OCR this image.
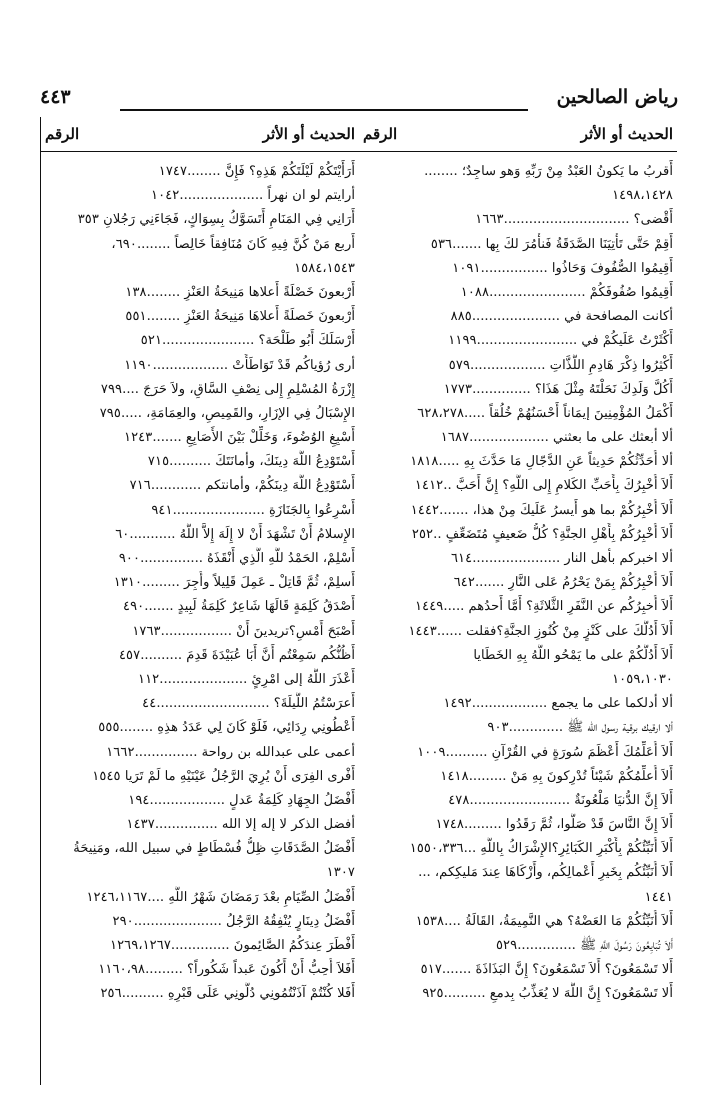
رياض الصالحين
٤٤٣
الحديث أو الأثر
الرقم
أَرَأَيْتَكُمْ لَيْلَتَكُمْ هَذِهِ؟ فَإِنَّ ........١٧٤٧
أرايتم لو ان نهراً ....................١٠٤٢
أَرَانِي فِي المَنَامِ أَتَسَوَّكُ بِسِوَاكٍ، فَجَاءَنِي رَجُلانِ ٣٥٣
أَربع مَنْ كُنَّ فِيهِ كَانَ مُنَافِقاً خَالِصاً ........٦٩٠،
١٥٨٤،١٥٤٣
أَرْبعونَ خَصْلَةً أَعلاها مَنِيحَةُ العَنْزِ ........١٣٨
أَرْبعونَ خَصلَةً أَعلاهَا مَنِيحَةُ العَنْزِ ........٥٥١
أَرْسَلَكَ أَبُو طَلْحَة؟ ......................٥٢١
أرى رُؤياكُم قَدْ تَوَاطَأَتْ ..................١١٩٠
إِزْرَةُ المُسْلِمِ إِلى نِصْفِ السَّاقِ، ولاَ حَرَجَ ....٧٩٩
الإِسْبَالُ فِي الإزَارِ، والقَمِيصِ، والعِمَامَةِ، .....٧٩٥
أَسْبِغِ الوُضُوءَ، وَخَلِّلْ بَيْنَ الأَصَابِعِ .......١٢٤٣
أَسْتَوْدِعُ اللَّهَ دِينَكَ، وأمانَتَكَ ..........٧١٥
أَسْتَوْدِعُ اللَّهَ دِينَكُمْ، وأمانتكم ............٧١٦
أَسْرِعُوا بِالجَنَازَةِ ......................٩٤١
الإِسلامُ أَنْ تَشْهَدَ أَنْ لا إِلَهَ إِلاَّ اللَّهُ ...........٦٠
أَسْلِمْ، الحَمْدُ للَّهِ الَّذِي أَنْقَذَهُ ...............٩٠٠
أَسلِمْ، ثُمَّ قَاتِلْ ـ عَمِلَ قَلِيلاً وأُجِرَ .........١٣١٠
أَصْدَقُ كَلِمَةٍ قَالَهَا شَاعِرٌ كَلِمَةُ لَبِيدٍ .......٤٩٠
أَصْبَحَ أَمْسِ؟تريدينَ أَنْ .................١٧٦٣
أَظُنُّكُم سَمِعْتُم أَنَّ أَبَا عُبَيْدَةَ قَدِمَ ..........٤٥٧
أَعْذَرَ اللَّهُ إلى امْرِئٍ .....................١١٢
أَعرَسْتُمُ اللَّيلَةَ؟ ...........................٤٤
أَعْطُونِي رِدَائِي، فَلَوْ كَانَ لِي عَدَدُ هذِهِ ........٥٥٥
أعمى على عبدالله بن رواحة ...............١٦٦٢
أَفْرى الفِرَى أَنْ يُرِيَ الرَّجُلُ عَيْنَيْهِ ما لَمْ تَرَيا ١٥٤٥
أَفْضَلُ الجِهَادِ كَلِمَةُ عَدلٍ ..................١٩٤
أفضل الذكر لا إله إلا الله ...............١٤٣٧
أَفْضَلُ الصَّدَقَاتِ ظِلُّ فُسْطَاطٍ في سبيل الله، ومَنِيحَةُ
١٣٠٧
أَفْضَلُ الصِّيَامِ بعْدَ رَمَضَانَ شَهْرُ اللَّهِ ....١٢٤٦،١١٦٧
أَفْضَلُ دِينَارٍ يُنْفِقُهُ الرَّجُلُ .....................٢٩٠
أَفْطَرَ عِندَكُمُ الصَّائِمونَ ..............١٢٦٩،١٢٦٧
أَفَلاَ أُحِبُّ أَنْ أَكُونَ عَبداً شَكُوراً؟ .........١١٦٠،٩٨
أَفَلا كُنْتُمْ آذَنْتُمُونِي دُلُّونِي عَلَى قَبْرِهِ ..........٢٥٦
الحديث أو الأثر
الرقم
أَقربُ ما يَكونُ العَبْدُ مِنْ رَبِّهِ وَهو ساجِدٌ؛ ........
١٤٩٨،١٤٢٨
أَقْضى؟ ..............................١٦٦٣
أَقِمْ حَتَّى تَأْتِيَنَا الصَّدَقَةُ فَنأْمُرَ لكَ بِها .......٥٣٦
أَقِيمُوا الصُّفُوفَ وَحَاذُوا ................١٠٩١
أَقِيمُوا صُفُوفَكُمْ .......................١٠٨٨
أكانت المصافحة في .....................٨٨٥
أَكْثَرْتُ عَلَيكُمْ في ........................١١٩٩
أَكْثِرُوا ذِكْرَ هَادِمِ اللَّذَّاتِ ..................٥٧٩
أَكُلَّ وَلَدِكَ نَحَلْتَهُ مِثْلَ هَذَا؟ ..............١٧٧٣
أَكْمَلُ المُؤْمِنِينَ إيمَاناً أَحْسَنُهُمْ خُلُقاً .....٦٢٨،٢٧٨
ألا أبعثك على ما بعثني ...................١٦٨٧
ألا أُحَدِّثُكُمْ حَدِيثاً عَنِ الدَّجّالِ مَا حَدَّثَ بِهِ .....١٨١٨
أَلاَ أُخْبِرُكَ بِأَحَبِّ الكَلامِ إِلى اللَّهِ؟ إِنَّ أَحَبَّ ..١٤١٢
أَلاَ أُخْبِرُكُمْ بما هو أَيسرُ عَلَيكَ مِنْ هذا، .......١٤٤٢
أَلاَ أُخْبِرُكُمْ بِأَهْلِ الجنَّةِ؟ كُلُّ ضَعيفٍ مُتَضَعِّفٍ ..٢٥٢
ألا اخبركم بأهل النار .....................٦١٤
أَلاَ أُخْبِرُكُمْ بِمَنْ يَحْرُمُ عَلى النَّارِ .......٦٤٢
أَلاَ أُخبِرُكُم عن النَّفَرِ الثَّلاثَةِ؟ أَمَّا أَحدُهم .....١٤٤٩
أَلاَ أَدُلُّكَ على كَنْزٍ مِنْ كُنُوزِ الجنَّةِ؟فقلت ......١٤٤٣
أَلاَ أَدُلُّكُمْ على ما يَمْحُو اللَّهُ بِهِ الخَطَايا
١٠٥٩،١٠٣٠
ألا أدلكما على ما يجمع ..................١٤٩٢
ألا ارقيك برقية رسول الله ﷺ .............٩٠٣
أَلاَ أُعَلِّمُكَ أَعْظَمَ سُورَةٍ في القُرْآنِ ..........١٠٠٩
أَلاَ أُعلِّمُكُمْ شَيْئاً تُدْرِكونَ بِهِ مَنْ .........١٤١٨
أَلاَ إِنَّ الدُّنيَا مَلْعُونَةٌ ........................٤٧٨
أَلاَ إِنَّ النَّاسَ قَدْ صَلَّوا، ثُمَّ رَقَدُوا .........١٧٤٨
أَلاَ أُنَبِّئُكُمْ بِأَكْبَرِ الكَبَائِرِ؟الإِشْرَاكُ بِاللَّهِ ...١٥٥٠،٣٣٦
أَلاَ أُنَبِّئُكُم بِخَيرِ أَعْمالِكُم، وأَزْكَاهَا عِندَ مَليكِكم، ...
١٤٤١
أَلاَ أُنَبِّئُكُمْ مَا العَضْهُ؟ هي النَّمِيمَةُ، القَالَةُ ....١٥٣٨
أَلاَ تُبَايِعُونَ رَسُولَ اللَّهِ ﷺ ..............٥٢٩
أَلا تَسْمَعُونَ؟ أَلاَ تَسْمَعُونَ؟ إِنَّ البَذَاذَةَ .......٥١٧
أَلا تَسْمَعُونَ؟ إِنَّ اللَّهَ لا يُعَذِّبُ بِدمعِ ..........٩٢٥
